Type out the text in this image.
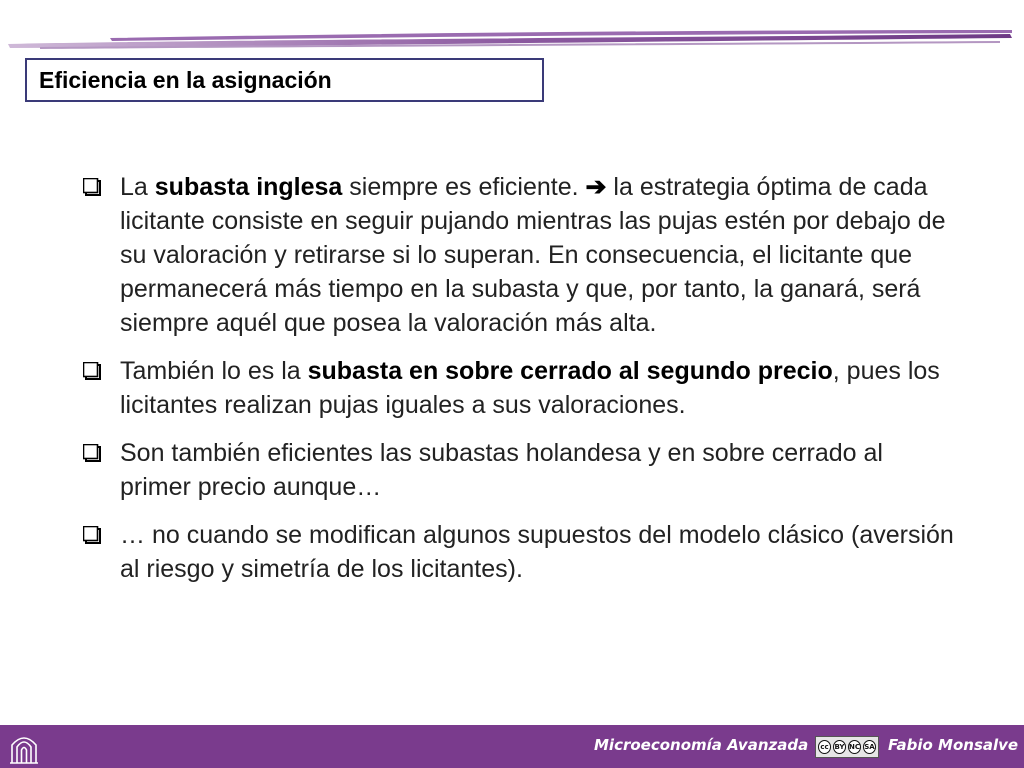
Eficiencia en la asignación
La subasta inglesa siempre es eficiente. ➔ la estrategia óptima de cada licitante consiste en seguir pujando mientras las pujas estén por debajo de su valoración y retirarse si lo superan. En consecuencia, el licitante que permanecerá más tiempo en la subasta y que, por tanto, la ganará, será siempre aquél que posea la valoración más alta.
También lo es la subasta en sobre cerrado al segundo precio, pues los licitantes realizan pujas iguales a sus valoraciones.
Son también eficientes las subastas holandesa y en sobre cerrado al primer precio aunque…
… no cuando se modifican algunos supuestos del modelo clásico (aversión al riesgo y simetría de los licitantes).
Microeconomía Avanzada	cc BY NC SA Fabio Monsalve
